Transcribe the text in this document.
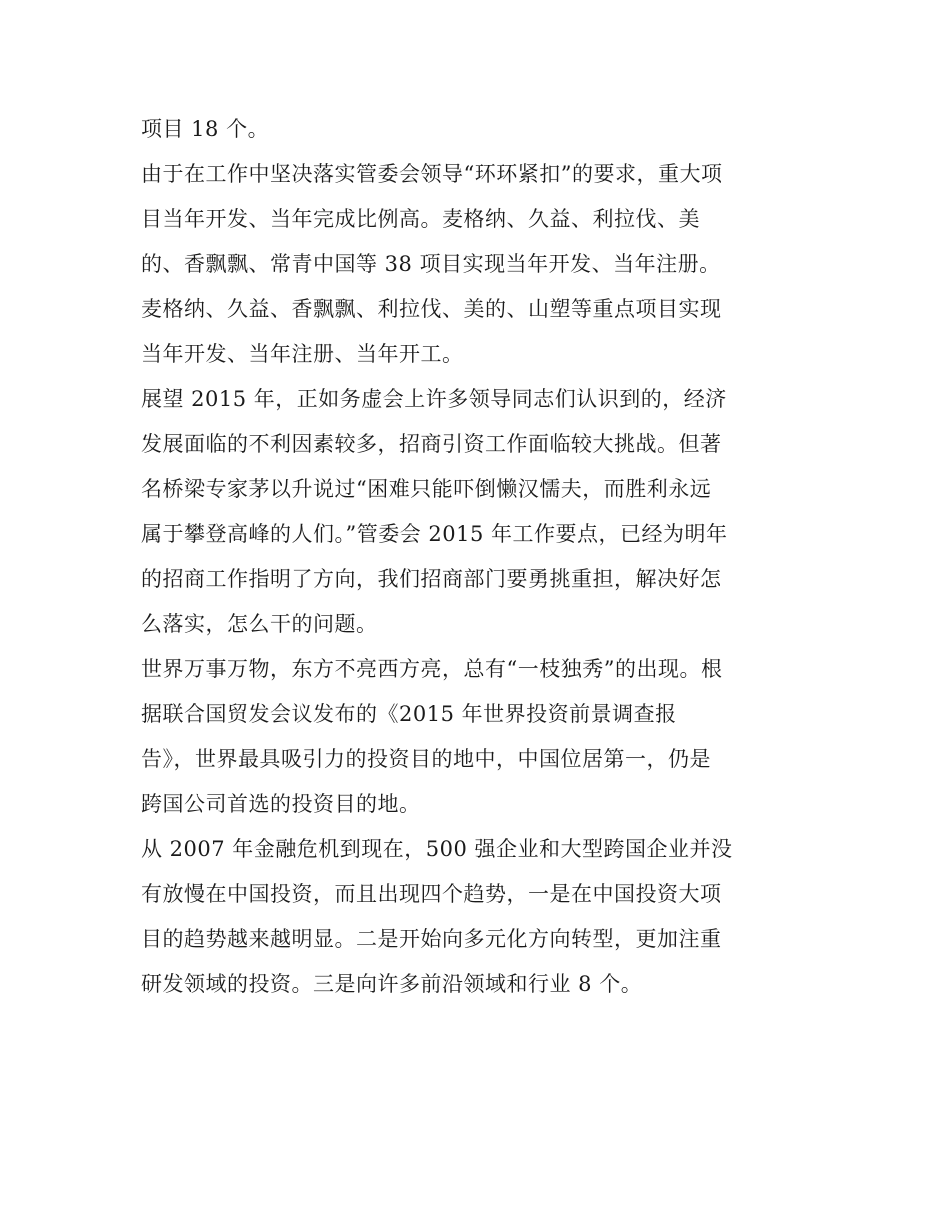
项目 18 个。
由于在工作中坚决落实管委会领导“环环紧扣”的要求，重大项
目当年开发、当年完成比例高。麦格纳、久益、利拉伐、美
的、香飘飘、常青中国等 38 项目实现当年开发、当年注册。
麦格纳、久益、香飘飘、利拉伐、美的、山塑等重点项目实现
当年开发、当年注册、当年开工。
展望 2015 年，正如务虚会上许多领导同志们认识到的，经济
发展面临的不利因素较多，招商引资工作面临较大挑战。但著
名桥梁专家茅以升说过“困难只能吓倒懒汉懦夫，而胜利永远
属于攀登高峰的人们。”管委会 2015 年工作要点，已经为明年
的招商工作指明了方向，我们招商部门要勇挑重担，解决好怎
么落实，怎么干的问题。
世界万事万物，东方不亮西方亮，总有“一枝独秀”的出现。根
据联合国贸发会议发布的《2015 年世界投资前景调查报
告》，世界最具吸引力的投资目的地中，中国位居第一，仍是
跨国公司首选的投资目的地。
从 2007 年金融危机到现在，500 强企业和大型跨国企业并没
有放慢在中国投资，而且出现四个趋势，一是在中国投资大项
目的趋势越来越明显。二是开始向多元化方向转型，更加注重
研发领域的投资。三是向许多前沿领域和行业 8 个。
